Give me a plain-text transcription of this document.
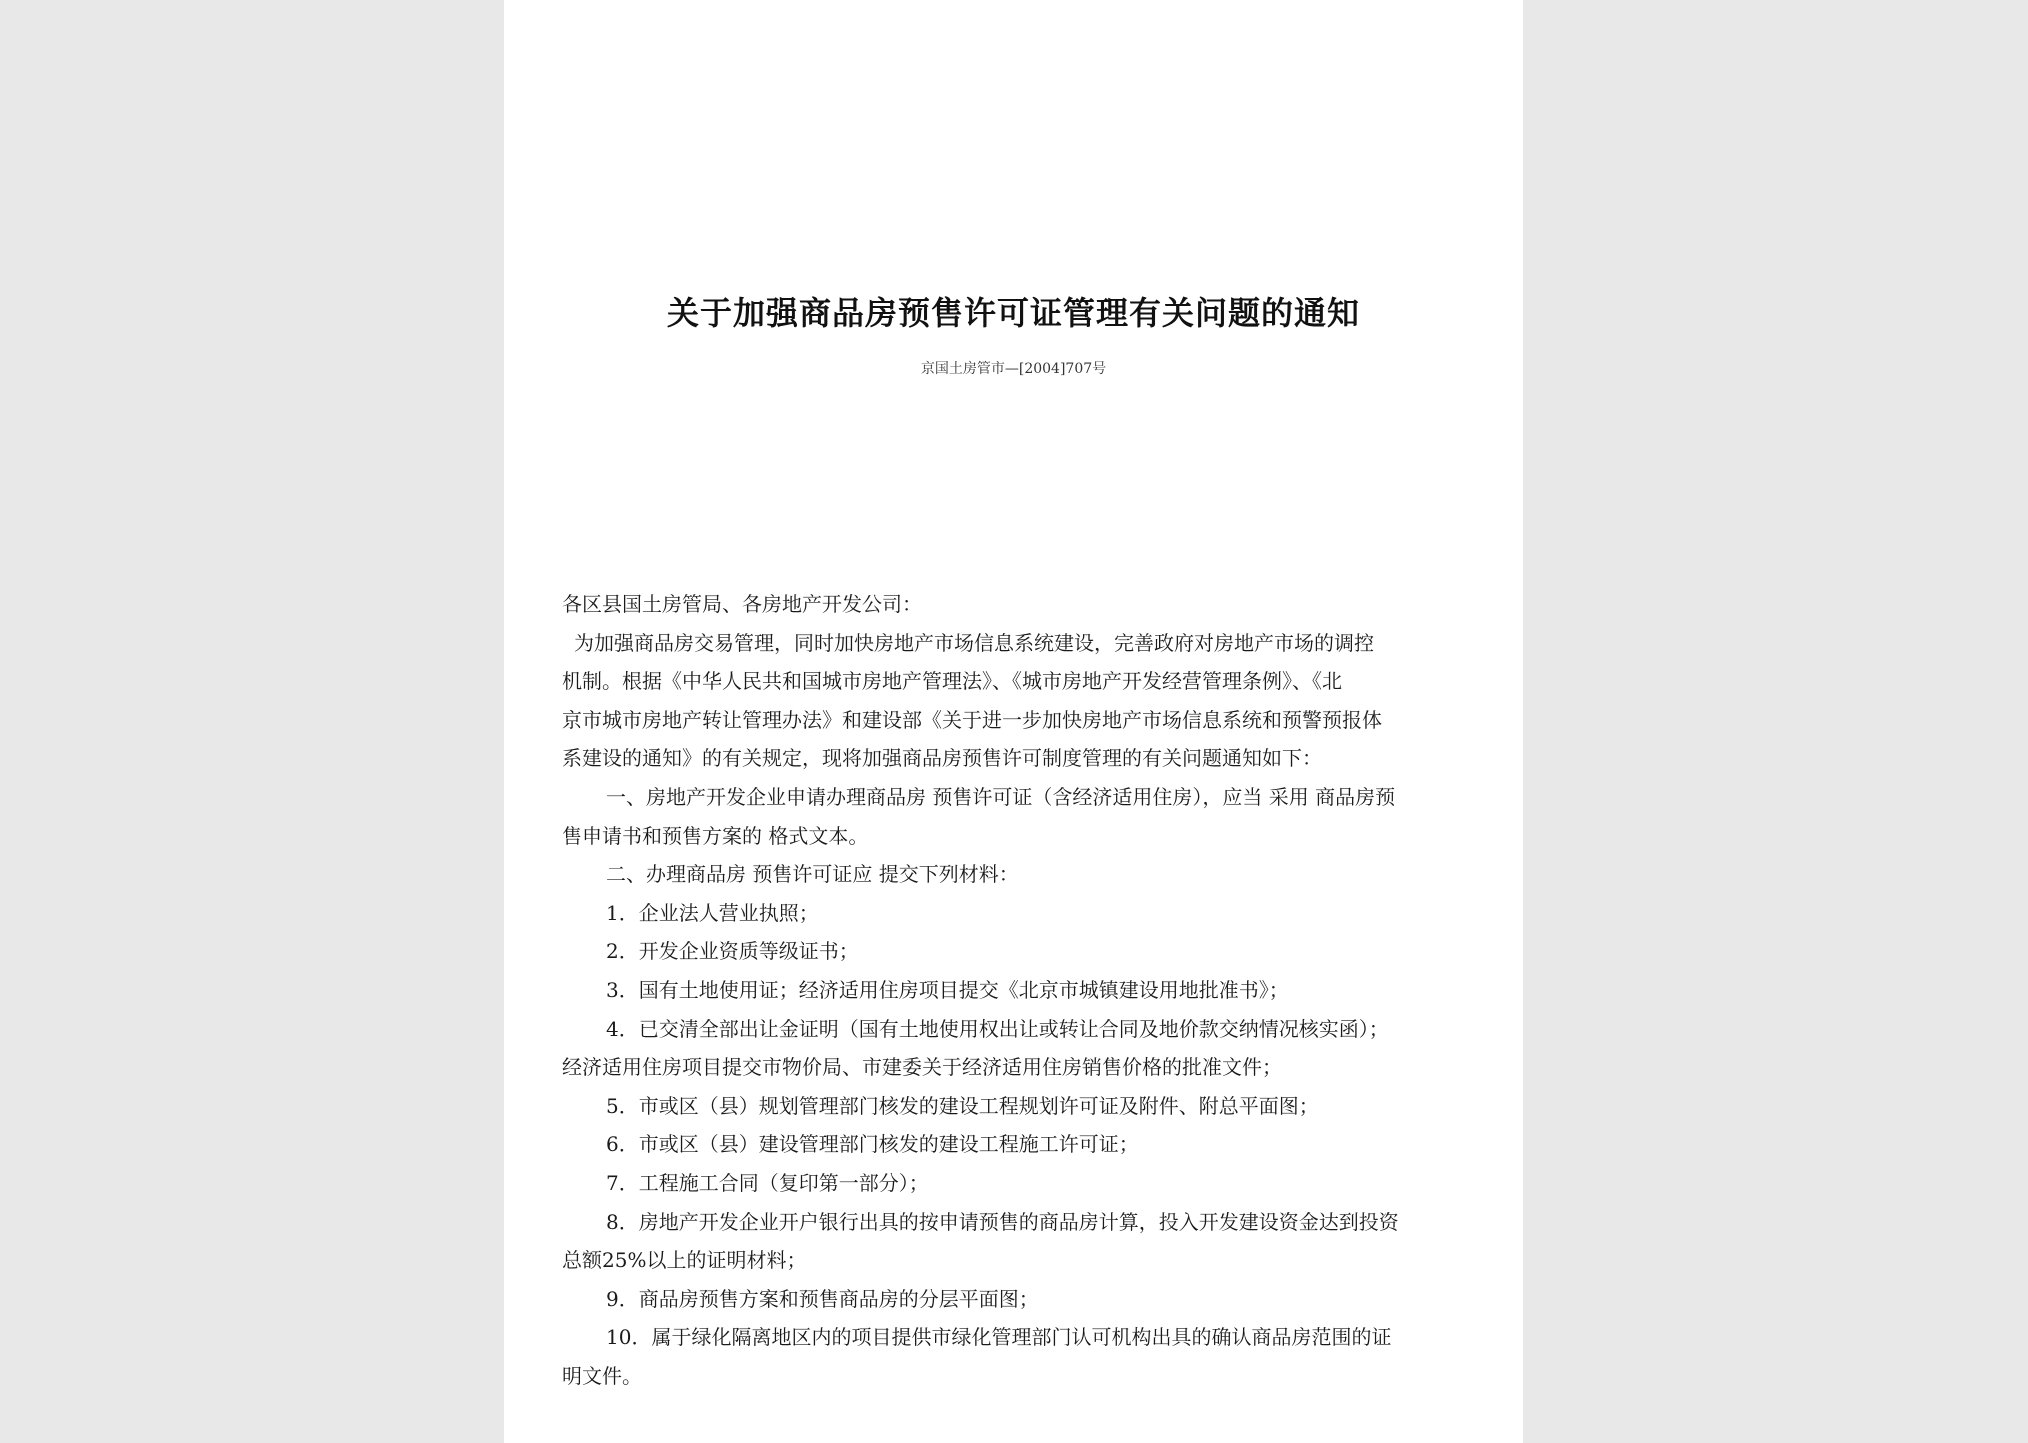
关于加强商品房预售许可证管理有关问题的通知
京国土房管市—[2004]707号
各区县国土房管局、各房地产开发公司：
为加强商品房交易管理，同时加快房地产市场信息系统建设，完善政府对房地产市场的调控
机制。根据《中华人民共和国城市房地产管理法》、《城市房地产开发经营管理条例》、《北
京市城市房地产转让管理办法》和建设部《关于进一步加快房地产市场信息系统和预警预报体
系建设的通知》的有关规定，现将加强商品房预售许可制度管理的有关问题通知如下：
一、房地产开发企业申请办理商品房 预售许可证（含经济适用住房），应当 采用 商品房预
售申请书和预售方案的 格式文本。
二、办理商品房 预售许可证应 提交下列材料：
1．企业法人营业执照；
2．开发企业资质等级证书；
3．国有土地使用证；经济适用住房项目提交《北京市城镇建设用地批准书》；
4．已交清全部出让金证明（国有土地使用权出让或转让合同及地价款交纳情况核实函）；
经济适用住房项目提交市物价局、市建委关于经济适用住房销售价格的批准文件；
5．市或区（县）规划管理部门核发的建设工程规划许可证及附件、附总平面图；
6．市或区（县）建设管理部门核发的建设工程施工许可证；
7．工程施工合同（复印第一部分）；
8．房地产开发企业开户银行出具的按申请预售的商品房计算，投入开发建设资金达到投资
总额25%以上的证明材料；
9．商品房预售方案和预售商品房的分层平面图；
10．属于绿化隔离地区内的项目提供市绿化管理部门认可机构出具的确认商品房范围的证
明文件。
